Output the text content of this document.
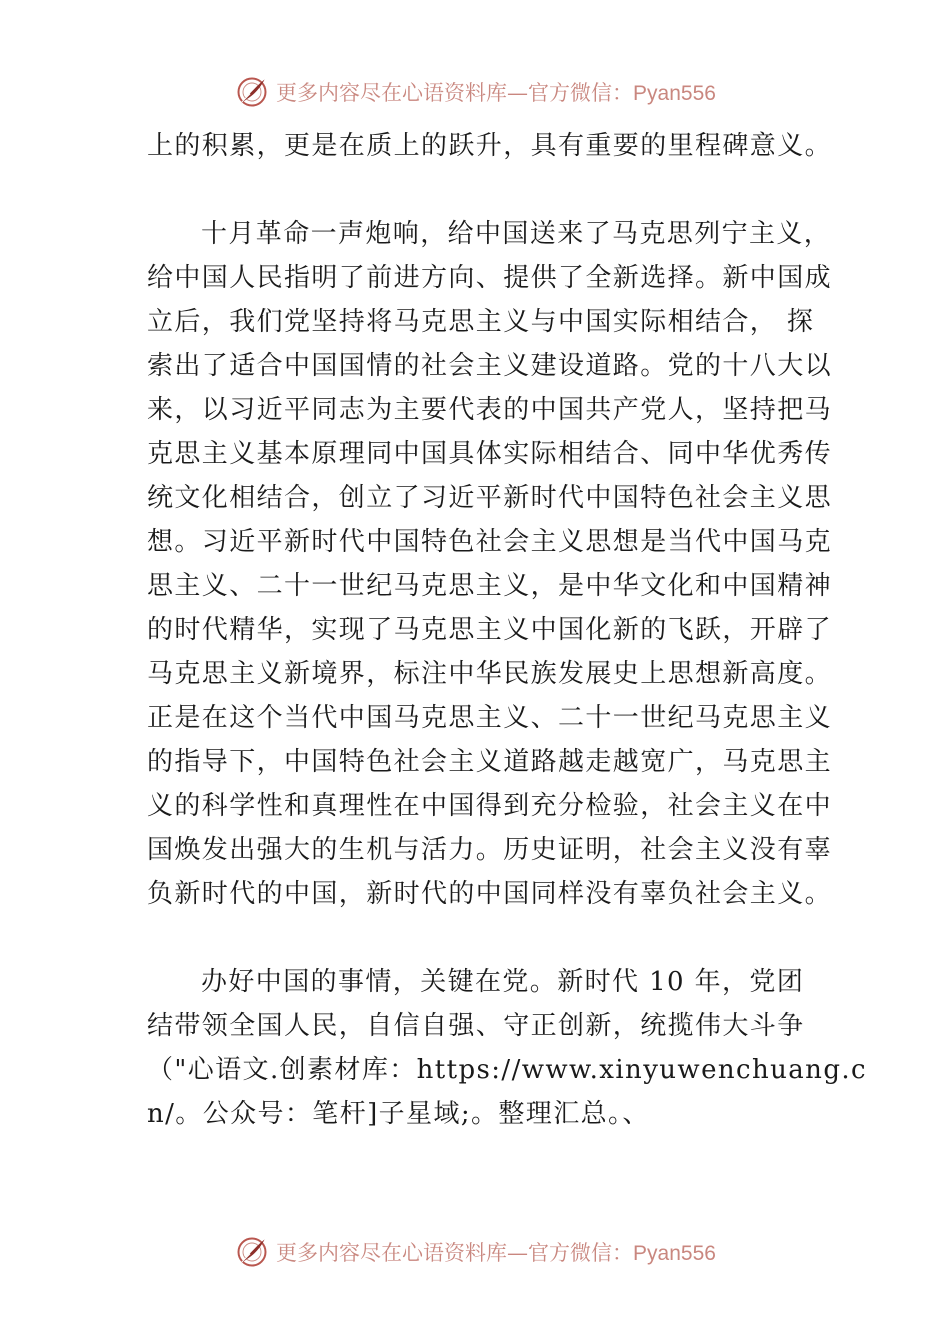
更多内容尽在心语资料库—官方微信：Pyan556
上的积累，更是在质上的跃升，具有重要的里程碑意义。
十月革命一声炮响，给中国送来了马克思列宁主义，
给中国人民指明了前进方向、提供了全新选择。新中国成
立后，我们党坚持将马克思主义与中国实际相结合， 探
索出了适合中国国情的社会主义建设道路。党的十八大以
来，以习近平同志为主要代表的中国共产党人，坚持把马
克思主义基本原理同中国具体实际相结合、同中华优秀传
统文化相结合，创立了习近平新时代中国特色社会主义思
想。习近平新时代中国特色社会主义思想是当代中国马克
思主义、二十一世纪马克思主义，是中华文化和中国精神
的时代精华，实现了马克思主义中国化新的飞跃，开辟了
马克思主义新境界，标注中华民族发展史上思想新高度。
正是在这个当代中国马克思主义、二十一世纪马克思主义
的指导下，中国特色社会主义道路越走越宽广，马克思主
义的科学性和真理性在中国得到充分检验，社会主义在中
国焕发出强大的生机与活力。历史证明，社会主义没有辜
负新时代的中国，新时代的中国同样没有辜负社会主义。
办好中国的事情，关键在党。新时代 10 年，党团
结带领全国人民，自信自强、守正创新，统揽伟大斗争
（"心语文.创素材库：https://www.xinyuwenchuang.c
n/。公众号：笔杆]子星域;。整理汇总。、
更多内容尽在心语资料库—官方微信：Pyan556
